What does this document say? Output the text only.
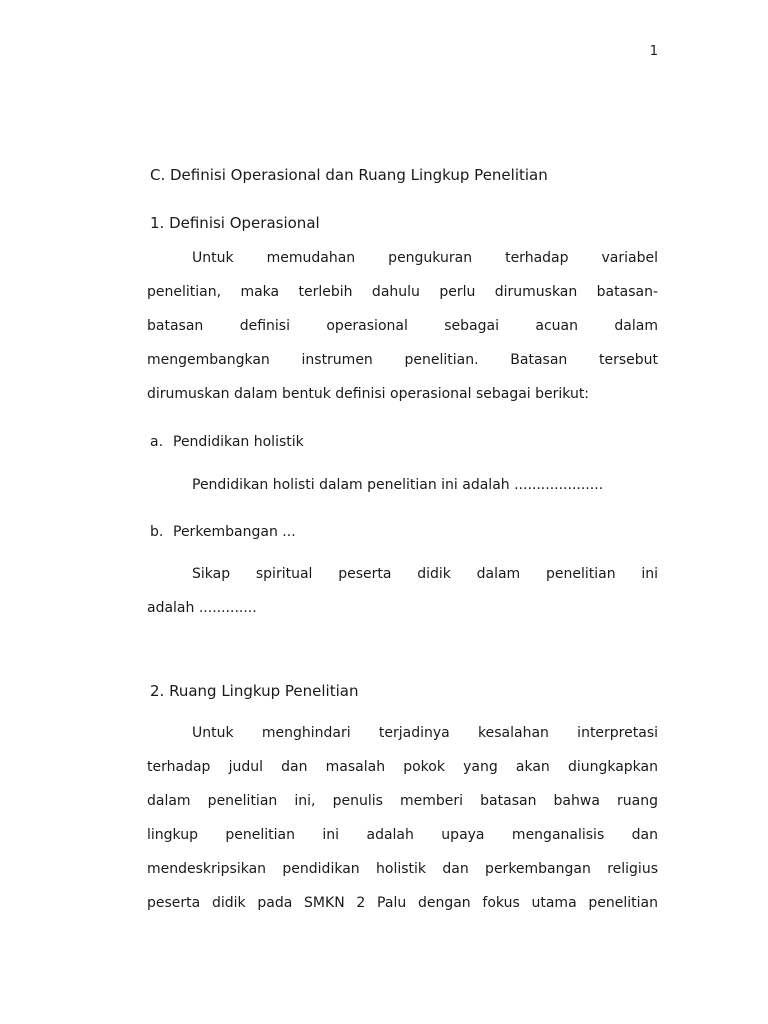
1
C. Definisi Operasional dan Ruang Lingkup Penelitian
1. Definisi Operasional
Untuk memudahan pengukuran terhadap variabel
penelitian, maka terlebih dahulu perlu dirumuskan batasan-
batasan definisi operasional sebagai acuan dalam
mengembangkan instrumen penelitian. Batasan tersebut
dirumuskan dalam bentuk definisi operasional sebagai berikut:
a. Pendidikan holistik
Pendidikan holisti dalam penelitian ini adalah ....................
b. Perkembangan ...
Sikap spiritual peserta didik dalam penelitian ini
adalah .............
2. Ruang Lingkup Penelitian
Untuk menghindari terjadinya kesalahan interpretasi
terhadap judul dan masalah pokok yang akan diungkapkan
dalam penelitian ini, penulis memberi batasan bahwa ruang
lingkup penelitian ini adalah upaya menganalisis dan
mendeskripsikan pendidikan holistik dan perkembangan religius
peserta didik pada SMKN 2 Palu dengan fokus utama penelitian
